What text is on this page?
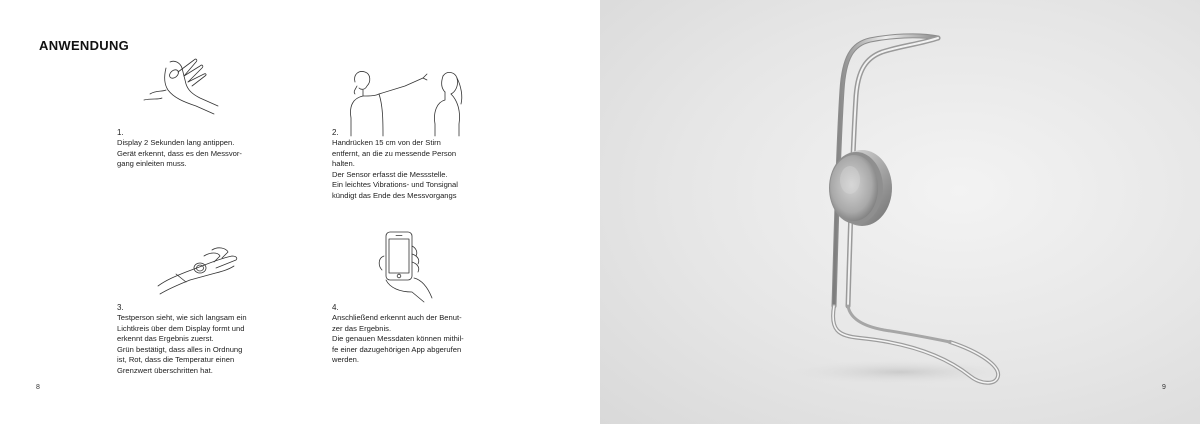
ANWENDUNG
1.
Display 2 Sekunden lang antippen.
Gerät erkennt, dass es den Messvor-
gang einleiten muss.
2.
Handrücken 15 cm von der Stirn
entfernt, an die zu messende Person
halten.
Der Sensor erfasst die Messstelle.
Ein leichtes Vibrations- und Tonsignal
kündigt das Ende des Messvorgangs
3.
Testperson sieht, wie sich langsam ein
Lichtkreis über dem Display formt und
erkennt das Ergebnis zuerst.
Grün bestätigt, dass alles in Ordnung
ist, Rot, dass die Temperatur einen
Grenzwert überschritten hat.
4.
Anschließend erkennt auch der Benut-
zer das Ergebnis.
Die genauen Messdaten können mithil-
fe einer dazugehörigen App abgerufen
werden.
8	9
